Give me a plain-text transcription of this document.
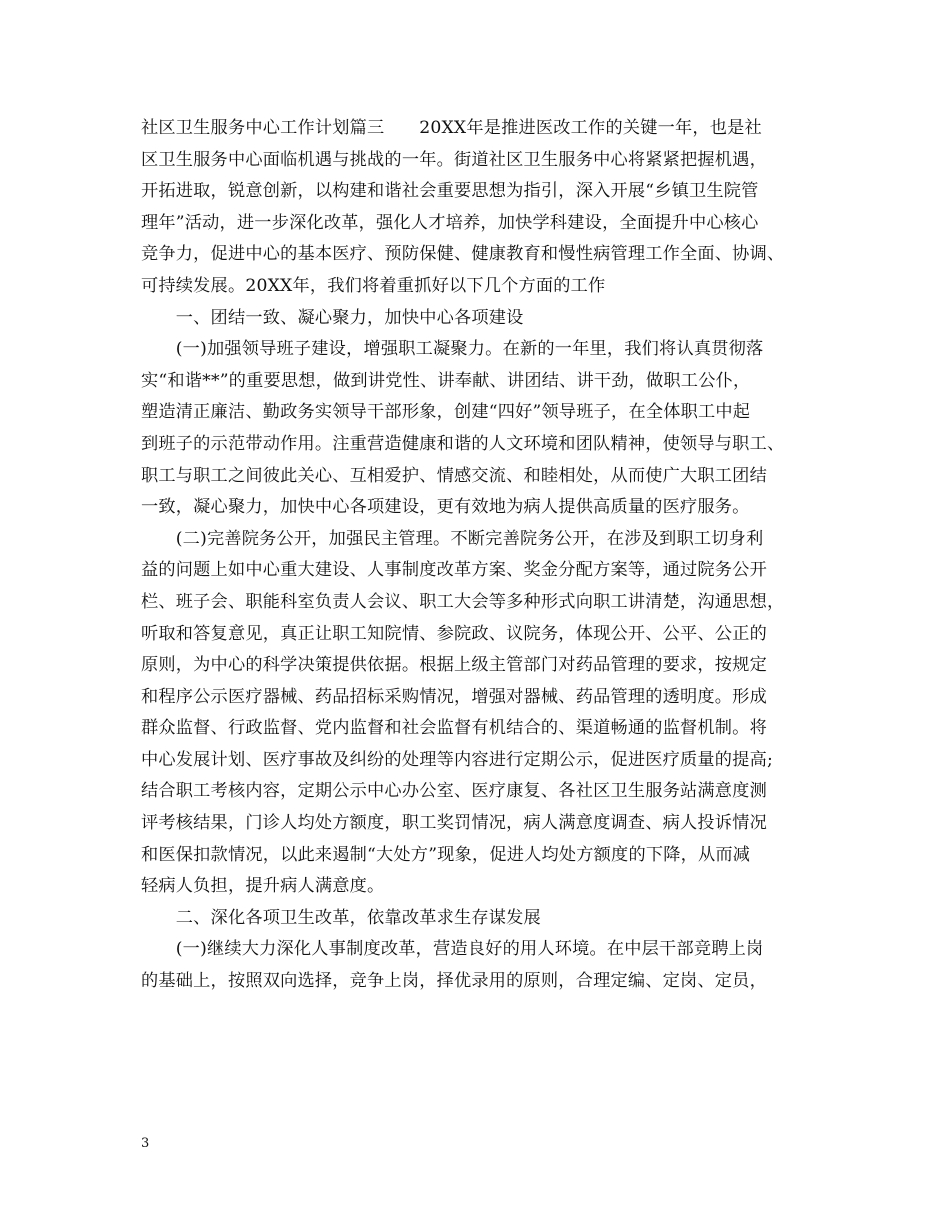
社区卫生服务中心工作计划篇三　　20XX年是推进医改工作的关键一年，也是社
区卫生服务中心面临机遇与挑战的一年。街道社区卫生服务中心将紧紧把握机遇，
开拓进取，锐意创新，以构建和谐社会重要思想为指引，深入开展“乡镇卫生院管
理年”活动，进一步深化改革，强化人才培养，加快学科建设，全面提升中心核心
竞争力，促进中心的基本医疗、预防保健、健康教育和慢性病管理工作全面、协调、
可持续发展。20XX年，我们将着重抓好以下几个方面的工作
　　一、团结一致、凝心聚力，加快中心各项建设
　　(一)加强领导班子建设，增强职工凝聚力。在新的一年里，我们将认真贯彻落
实“和谐**”的重要思想，做到讲党性、讲奉献、讲团结、讲干劲，做职工公仆，
塑造清正廉洁、勤政务实领导干部形象，创建“四好”领导班子，在全体职工中起
到班子的示范带动作用。注重营造健康和谐的人文环境和团队精神，使领导与职工、
职工与职工之间彼此关心、互相爱护、情感交流、和睦相处，从而使广大职工团结
一致，凝心聚力，加快中心各项建设，更有效地为病人提供高质量的医疗服务。
　　(二)完善院务公开，加强民主管理。不断完善院务公开，在涉及到职工切身利
益的问题上如中心重大建设、人事制度改革方案、奖金分配方案等，通过院务公开
栏、班子会、职能科室负责人会议、职工大会等多种形式向职工讲清楚，沟通思想，
听取和答复意见，真正让职工知院情、参院政、议院务，体现公开、公平、公正的
原则，为中心的科学决策提供依据。根据上级主管部门对药品管理的要求，按规定
和程序公示医疗器械、药品招标采购情况，增强对器械、药品管理的透明度。形成
群众监督、行政监督、党内监督和社会监督有机结合的、渠道畅通的监督机制。将
中心发展计划、医疗事故及纠纷的处理等内容进行定期公示，促进医疗质量的提高;
结合职工考核内容，定期公示中心办公室、医疗康复、各社区卫生服务站满意度测
评考核结果，门诊人均处方额度，职工奖罚情况，病人满意度调查、病人投诉情况
和医保扣款情况，以此来遏制“大处方”现象，促进人均处方额度的下降，从而减
轻病人负担，提升病人满意度。
　　二、深化各项卫生改革，依靠改革求生存谋发展
　　(一)继续大力深化人事制度改革，营造良好的用人环境。在中层干部竞聘上岗
的基础上，按照双向选择，竞争上岗，择优录用的原则，合理定编、定岗、定员，
3
